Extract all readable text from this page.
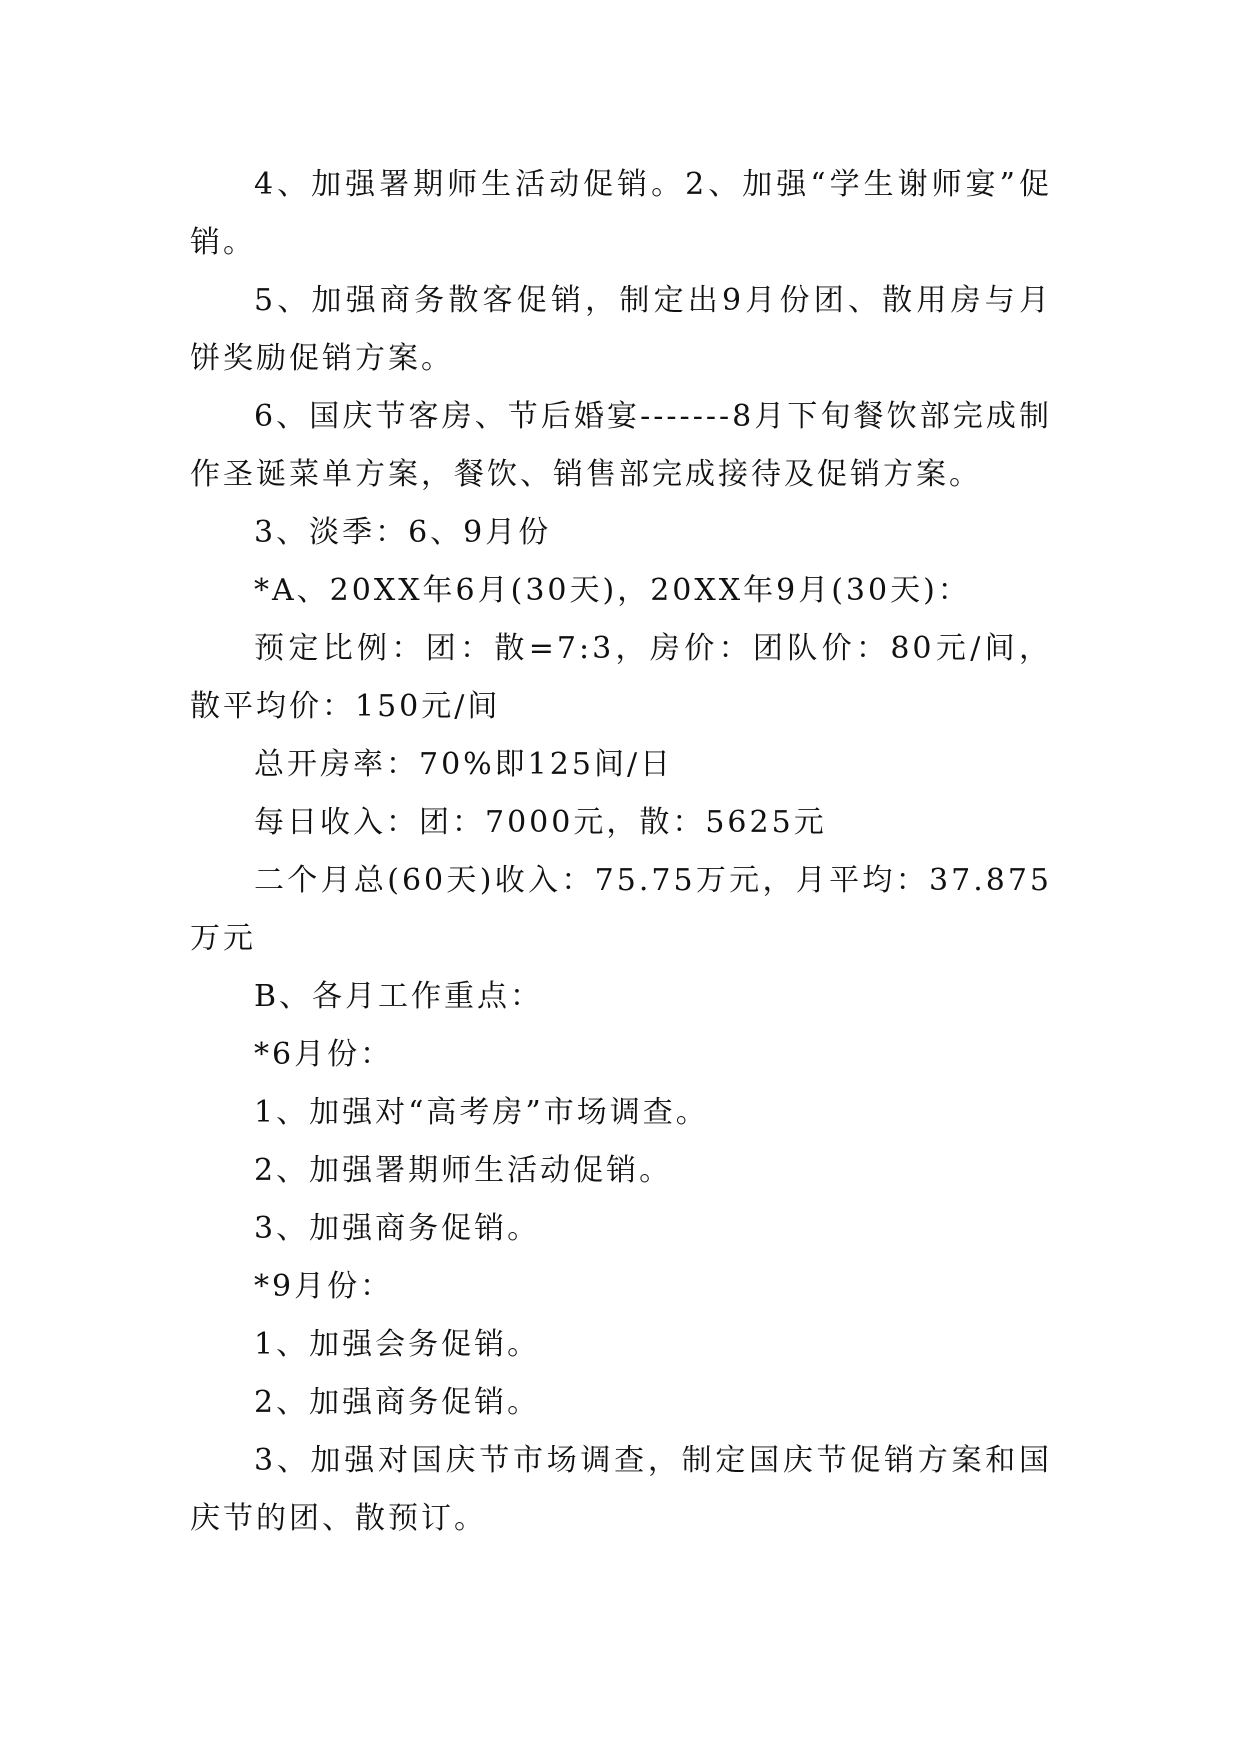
4、加强署期师生活动促销。2、加强“学生谢师宴”促销。

5、加强商务散客促销，制定出9月份团、散用房与月饼奖励促销方案。

6、国庆节客房、节后婚宴-------8月下旬餐饮部完成制作圣诞菜单方案，餐饮、销售部完成接待及促销方案。

3、淡季：6、9月份

*A、20XX年6月(30天)，20XX年9月(30天)：

预定比例：团：散=7:3，房价：团队价：80元/间，散平均价：150元/间

总开房率：70%即125间/日

每日收入：团：7000元，散：5625元

二个月总(60天)收入：75.75万元，月平均：37.875万元

B、各月工作重点：

*6月份：

1、加强对“高考房”市场调查。

2、加强署期师生活动促销。

3、加强商务促销。

*9月份：

1、加强会务促销。

2、加强商务促销。

3、加强对国庆节市场调查，制定国庆节促销方案和国庆节的团、散预订。
